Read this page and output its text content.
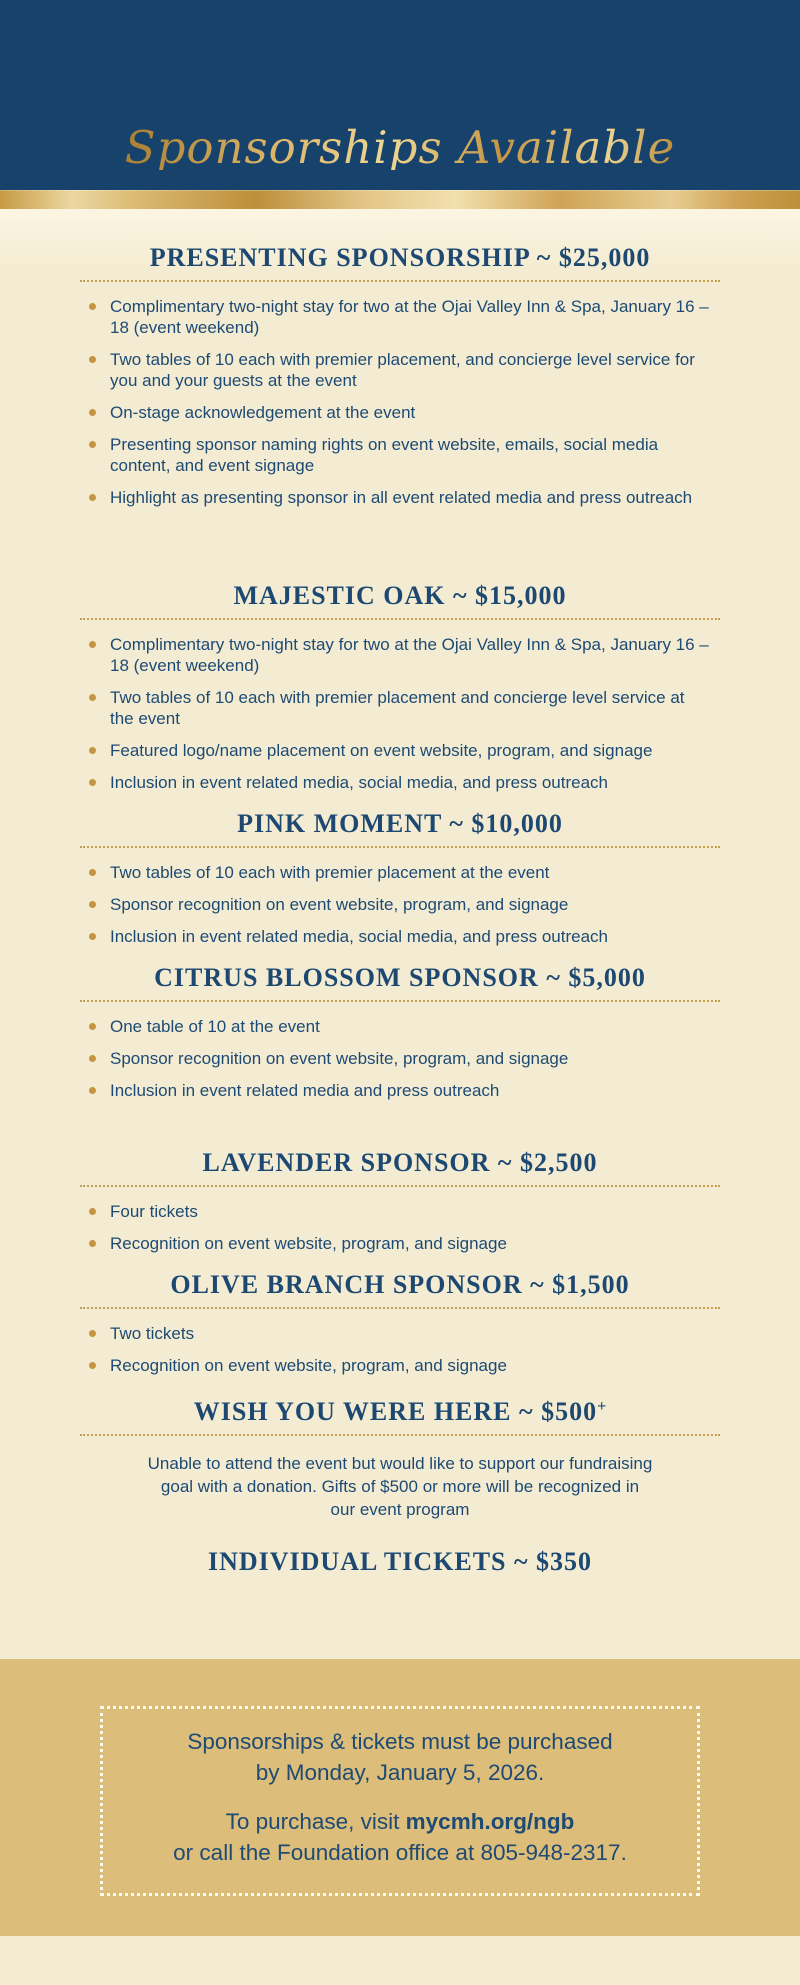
Sponsorships Available
PRESENTING SPONSORSHIP ~ $25,000
Complimentary two-night stay for two at the Ojai Valley Inn & Spa, January 16 – 18 (event weekend)
Two tables of 10 each with premier placement, and concierge level service for you and your guests at the event
On-stage acknowledgement at the event
Presenting sponsor naming rights on event website, emails, social media content, and event signage
Highlight as presenting sponsor in all event related media and press outreach
MAJESTIC OAK ~ $15,000
Complimentary two-night stay for two at the Ojai Valley Inn & Spa, January 16 – 18 (event weekend)
Two tables of 10 each with premier placement and concierge level service at the event
Featured logo/name placement on event website, program, and signage
Inclusion in event related media, social media, and press outreach
PINK MOMENT ~ $10,000
Two tables of 10 each with premier placement at the event
Sponsor recognition on event website, program, and signage
Inclusion in event related media, social media, and press outreach
CITRUS BLOSSOM SPONSOR ~ $5,000
One table of 10 at the event
Sponsor recognition on event website, program, and signage
Inclusion in event related media and press outreach
LAVENDER SPONSOR ~ $2,500
Four tickets
Recognition on event website, program, and signage
OLIVE BRANCH SPONSOR ~ $1,500
Two tickets
Recognition on event website, program, and signage
WISH YOU WERE HERE ~ $500+

Unable to attend the event but would like to support our fundraising goal with a donation. Gifts of $500 or more will be recognized in our event program

INDIVIDUAL TICKETS ~ $350

Sponsorships & tickets must be purchased
by Monday, January 5, 2026.

To purchase, visit mycmh.org/ngb
or call the Foundation office at 805-948-2317.
